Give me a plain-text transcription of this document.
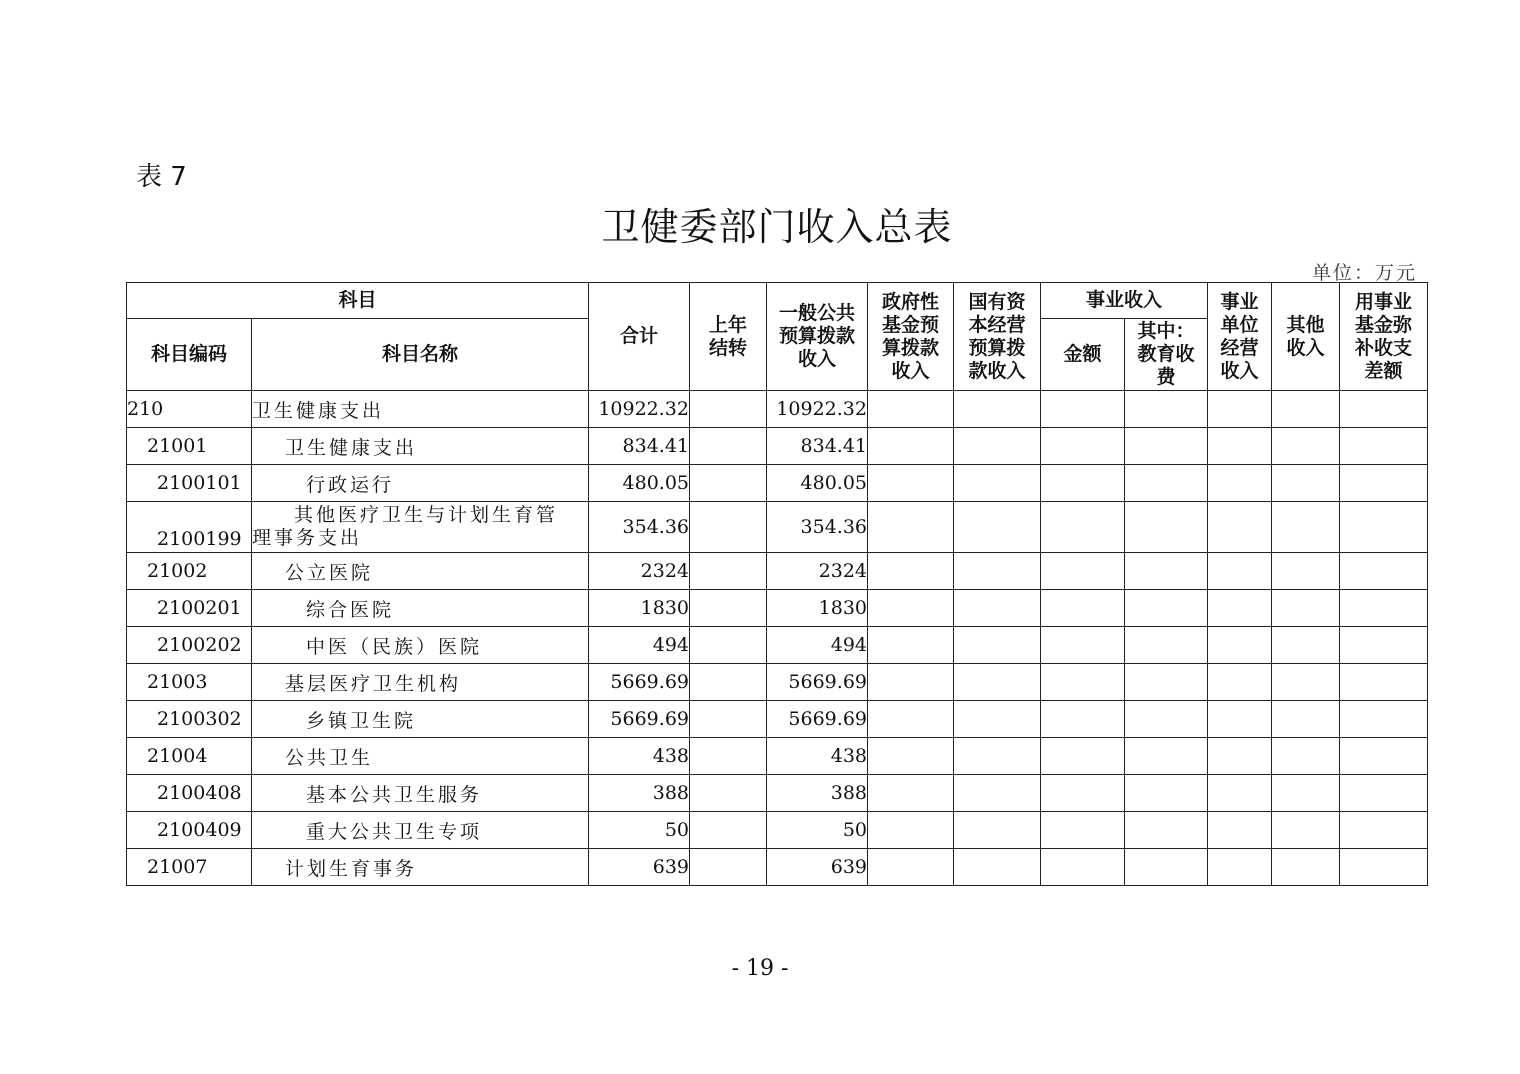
表 7
卫健委部门收入总表
单位：万元
科目		合计	上年结转	一般公共预算拨款收入	政府性基金预算拨款收入	国有资本经营预算拨款收入	事业收入		事业单位经营收入	其他收入	用事业基金弥补收支差额

科目编码	科目名称						金额	其中：教育收费			

210	卫生健康支出	10922.32		10922.32							
21001	卫生健康支出	834.41		834.41							
2100101	行政运行	480.05		480.05							
2100199	其他医疗卫生与计划生育管
理事务支出	354.36		354.36							
21002	公立医院	2324		2324							
2100201	综合医院	1830		1830							
2100202	中医（民族）医院	494		494							
21003	基层医疗卫生机构	5669.69		5669.69							
2100302	乡镇卫生院	5669.69		5669.69							
21004	公共卫生	438		438							
2100408	基本公共卫生服务	388		388							
2100409	重大公共卫生专项	50		50							
21007	计划生育事务	639		639							
- 19 -
